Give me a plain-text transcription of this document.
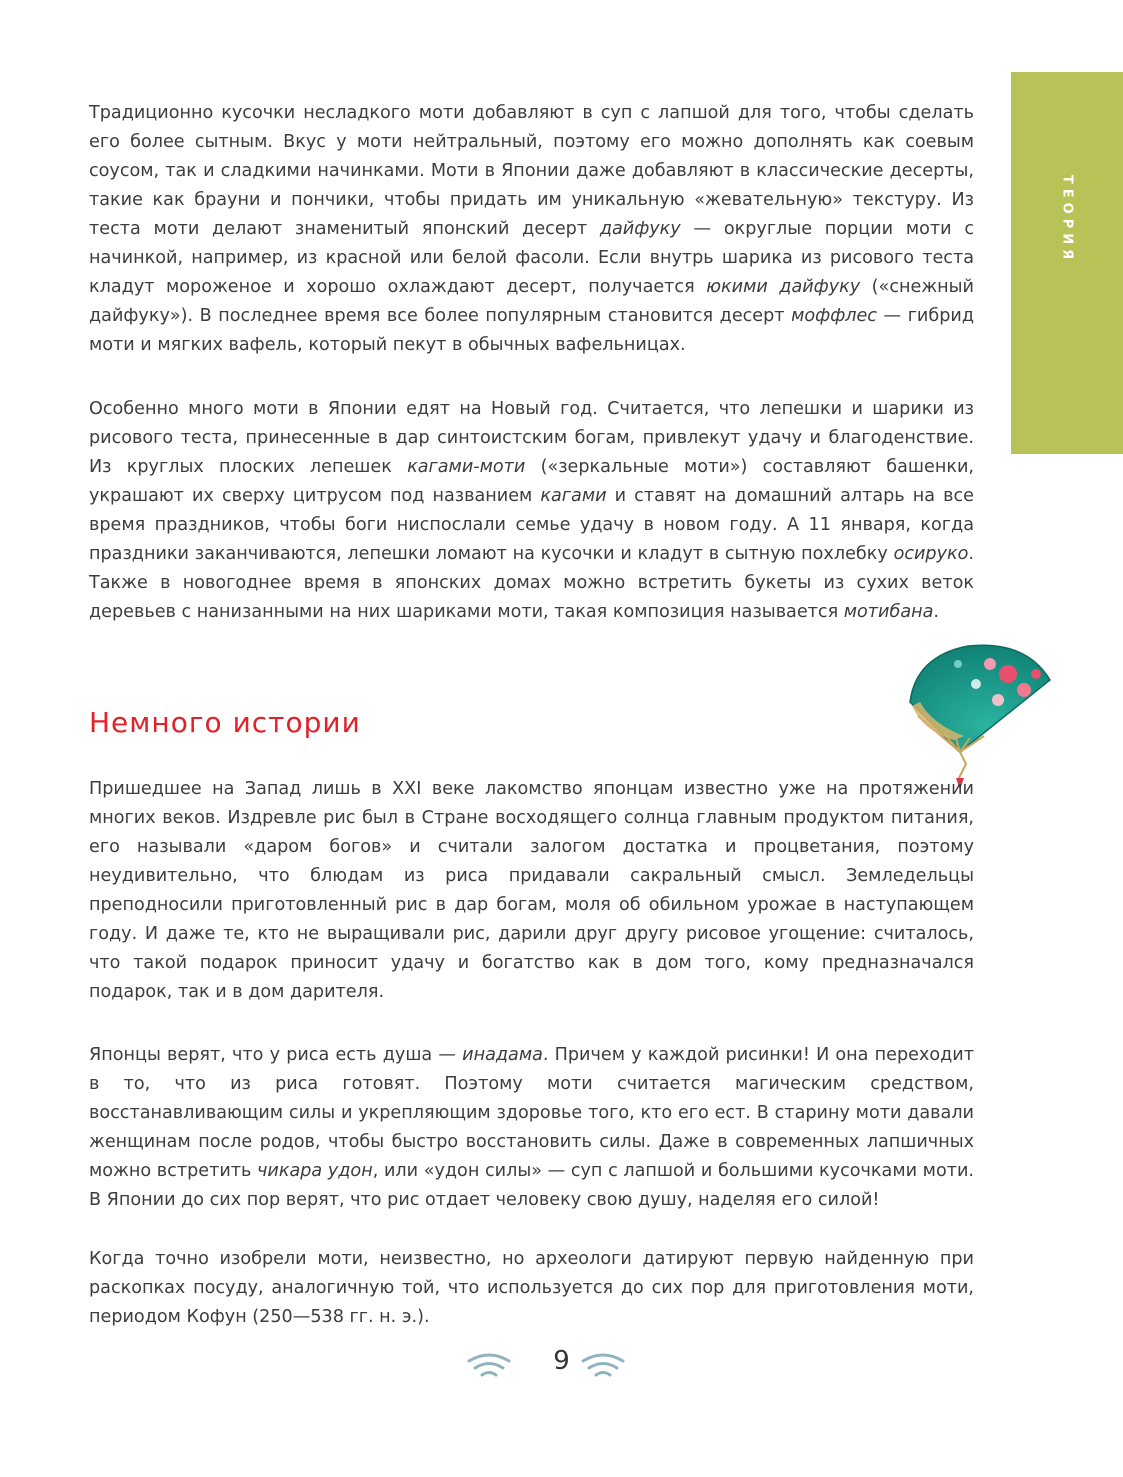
ТЕОРИЯ

Традиционно кусочки несладкого моти добавляют в суп с лапшой для того, чтобы сделать его более сытным. Вкус у моти нейтральный, поэтому его можно дополнять как соевым соусом, так и сладкими начинками. Моти в Японии даже добавляют в классические десерты, такие как брауни и пончики, чтобы придать им уникальную «жевательную» текстуру. Из теста моти делают знаменитый японский десерт дайфуку — округлые порции моти с начинкой, например, из красной или белой фасоли. Если внутрь шарика из рисового теста кладут мороженое и хорошо охлаждают десерт, получается юкими дайфуку («снежный дайфуку»). В последнее время все более популярным становится десерт моффлес — гибрид моти и мягких вафель, который пекут в обычных вафельницах.

Особенно много моти в Японии едят на Новый год. Считается, что лепешки и шарики из рисового теста, принесенные в дар синтоистским богам, привлекут удачу и благоденствие. Из круглых плоских лепешек кагами-моти («зеркальные моти») составляют башенки, украшают их сверху цитрусом под названием кагами и ставят на домашний алтарь на все время праздников, чтобы боги ниспослали семье удачу в новом году. А 11 января, когда праздники заканчиваются, лепешки ломают на кусочки и кладут в сытную похлебку осируко. Также в новогоднее время в японских домах можно встретить букеты из сухих веток деревьев с нанизанными на них шариками моти, такая композиция называется мотибана.

Немного истории

Пришедшее на Запад лишь в XXI веке лакомство японцам известно уже на протяжении многих веков. Издревле рис был в Стране восходящего солнца главным продуктом питания, его называли «даром богов» и считали залогом достатка и процветания, поэтому неудивительно, что блюдам из риса придавали сакральный смысл. Земледельцы преподносили приготовленный рис в дар богам, моля об обильном урожае в наступающем году. И даже те, кто не выращивали рис, дарили друг другу рисовое угощение: считалось, что такой подарок приносит удачу и богатство как в дом того, кому предназначался подарок, так и в дом дарителя.

Японцы верят, что у риса есть душа — инадама. Причем у каждой рисинки! И она переходит в то, что из риса готовят. Поэтому моти считается магическим средством, восстанавливающим силы и укрепляющим здоровье того, кто его ест. В старину моти давали женщинам после родов, чтобы быстро восстановить силы. Даже в современных лапшичных можно встретить чикара удон, или «удон силы» — суп с лапшой и большими кусочками моти. В Японии до сих пор верят, что рис отдает человеку свою душу, наделяя его силой!

Когда точно изобрели моти, неизвестно, но археологи датируют первую найденную при раскопках посуду, аналогичную той, что используется до сих пор для приготовления моти, периодом Кофун (250—538 гг. н. э.).

9
